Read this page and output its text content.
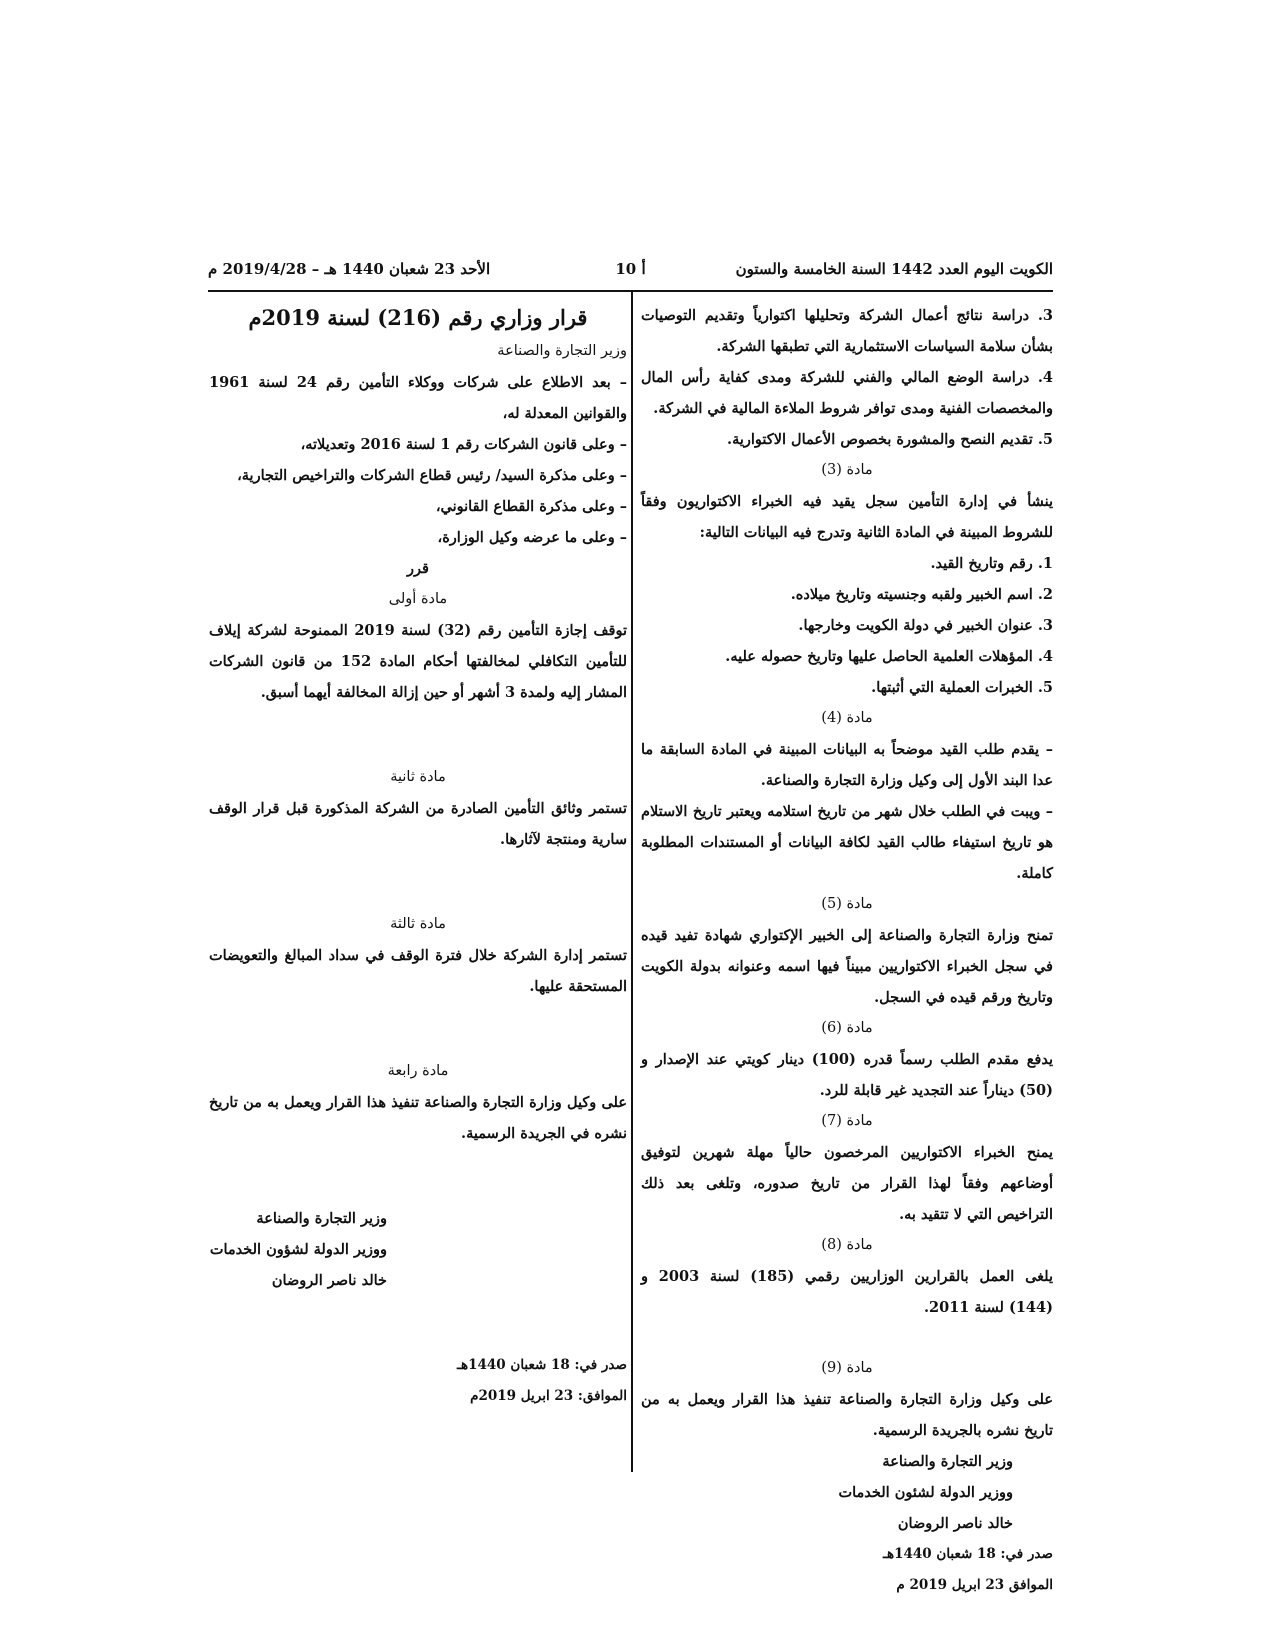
الكويت اليوم العدد 1442 السنة الخامسة والستون
أ 10
الأحد 23 شعبان 1440 هـ – 2019/4/28 م

3. دراسة نتائج أعمال الشركة وتحليلها اكتوارياً وتقديم التوصيات بشأن سلامة السياسات الاستثمارية التي تطبقها الشركة.

4. دراسة الوضع المالي والفني للشركة ومدى كفاية رأس المال والمخصصات الفنية ومدى توافر شروط الملاءة المالية في الشركة.

5. تقديم النصح والمشورة بخصوص الأعمال الاكتوارية.

مادة (3)

ينشأ في إدارة التأمين سجل يقيد فيه الخبراء الاكتواريون وفقاً للشروط المبينة في المادة الثانية وتدرج فيه البيانات التالية:

1. رقم وتاريخ القيد.

2. اسم الخبير ولقبه وجنسيته وتاريخ ميلاده.

3. عنوان الخبير في دولة الكويت وخارجها.

4. المؤهلات العلمية الحاصل عليها وتاريخ حصوله عليه.

5. الخبرات العملية التي أثبتها.

مادة (4)

– يقدم طلب القيد موضحاً به البيانات المبينة في المادة السابقة ما عدا البند الأول إلى وكيل وزارة التجارة والصناعة.

– ويبت في الطلب خلال شهر من تاريخ استلامه ويعتبر تاريخ الاستلام هو تاريخ استيفاء طالب القيد لكافة البيانات أو المستندات المطلوبة كاملة.

مادة (5)

تمنح وزارة التجارة والصناعة إلى الخبير الإكتواري شهادة تفيد قيده في سجل الخبراء الاكتواريين مبيناً فيها اسمه وعنوانه بدولة الكويت وتاريخ ورقم قيده في السجل.

مادة (6)

يدفع مقدم الطلب رسماً قدره (100) دينار كويتي عند الإصدار و (50) ديناراً عند التجديد غير قابلة للرد.

مادة (7)

يمنح الخبراء الاكتواريين المرخصون حالياً مهلة شهرين لتوفيق أوضاعهم وفقاً لهذا القرار من تاريخ صدوره، وتلغى بعد ذلك التراخيص التي لا تتقيد به.

مادة (8)

يلغى العمل بالقرارين الوزاريين رقمي (185) لسنة 2003 و (144) لسنة 2011.

مادة (9)

على وكيل وزارة التجارة والصناعة تنفيذ هذا القرار ويعمل به من تاريخ نشره بالجريدة الرسمية.

وزير التجارة والصناعة

ووزير الدولة لشئون الخدمات

خالد ناصر الروضان

صدر في: 18 شعبان 1440هـ

الموافق 23 ابريل 2019 م

قرار وزاري رقم (216) لسنة 2019م

وزير التجارة والصناعة

– بعد الاطلاع على شركات ووكلاء التأمين رقم 24 لسنة 1961 والقوانين المعدلة له،

– وعلى قانون الشركات رقم 1 لسنة 2016 وتعديلاته،

– وعلى مذكرة السيد/ رئيس قطاع الشركات والتراخيص التجارية،

– وعلى مذكرة القطاع القانوني،

– وعلى ما عرضه وكيل الوزارة،

قرر

مادة أولى

توقف إجازة التأمين رقم (32) لسنة 2019 الممنوحة لشركة إيلاف للتأمين التكافلي لمخالفتها أحكام المادة 152 من قانون الشركات المشار إليه ولمدة 3 أشهر أو حين إزالة المخالفة أيهما أسبق.

مادة ثانية

تستمر وثائق التأمين الصادرة من الشركة المذكورة قبل قرار الوقف سارية ومنتجة لآثارها.

مادة ثالثة

تستمر إدارة الشركة خلال فترة الوقف في سداد المبالغ والتعويضات المستحقة عليها.

مادة رابعة

على وكيل وزارة التجارة والصناعة تنفيذ هذا القرار ويعمل به من تاريخ نشره في الجريدة الرسمية.

وزير التجارة والصناعة

ووزير الدولة لشؤون الخدمات

خالد ناصر الروضان

صدر في: 18 شعبان 1440هـ

الموافق: 23 ابريل 2019م
